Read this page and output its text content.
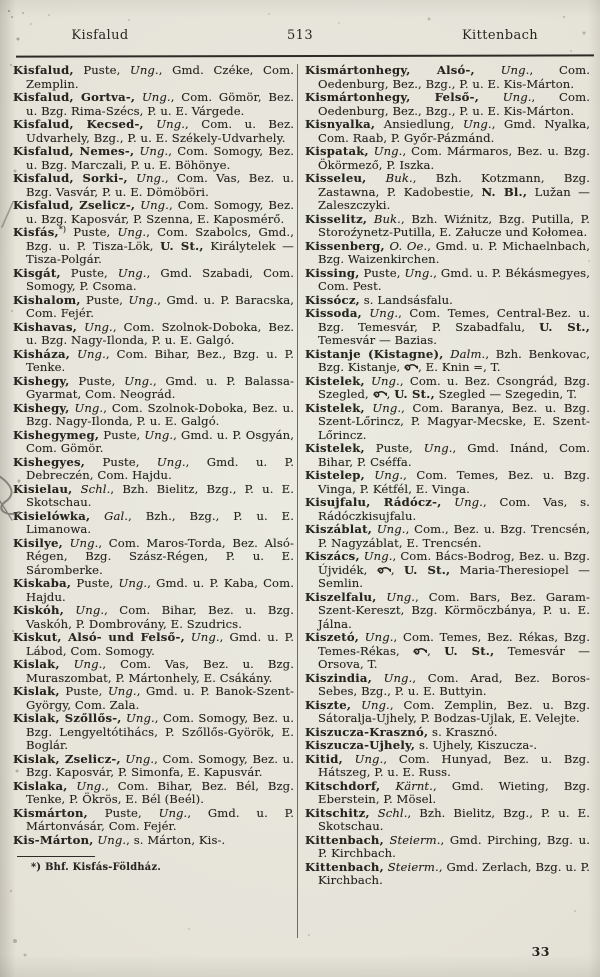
Kisfalud	513	Kittenbach

Kisfalud, Puste, Ung., Gmd. Czéke, Com. Zemplin.

Kisfalud, Gortva-, Ung., Com. Gömör, Bez. u. Bzg. Rima-Szécs, P. u. E. Várgede.

Kisfalud, Kecsed-, Ung., Com. u. Bez. Udvarhely, Bzg., P. u. E. Székely-Udvarhely.

Kisfalud, Nemes-, Ung., Com. Somogy, Bez. u. Bzg. Marczali, P. u. E. Böhönye.

Kisfalud, Sorki-, Ung., Com. Vas, Bez. u. Bzg. Vasvár, P. u. E. Dömöböri.

Kisfalud, Zselicz-, Ung., Com. Somogy, Bez. u. Bzg. Kaposvár, P. Szenna, E. Kaposmérő.

Kisfás,*) Puste, Ung., Com. Szabolcs, Gmd., Bzg. u. P. Tisza-Lök, U. St., Királytelek — Tisza-Polgár.

Kisgát, Puste, Ung., Gmd. Szabadi, Com. Somogy, P. Csoma.

Kishalom, Puste, Ung., Gmd. u. P. Baracska, Com. Fejér.

Kishavas, Ung., Com. Szolnok-Doboka, Bez. u. Bzg. Nagy-Ilonda, P. u. E. Galgó.

Kisháza, Ung., Com. Bihar, Bez., Bzg. u. P. Tenke.

Kishegy, Puste, Ung., Gmd. u. P. Balassa-Gyarmat, Com. Neográd.

Kishegy, Ung., Com. Szolnok-Doboka, Bez. u. Bzg. Nagy-Ilonda, P. u. E. Galgó.

Kishegymeg, Puste, Ung., Gmd. u. P. Osgyán, Com. Gömör.

Kishegyes, Puste, Ung., Gmd. u. P. Debreczén, Com. Hajdu.

Kisielau, Schl., Bzh. Bielitz, Bzg., P. u. E. Skotschau.

Kisielówka, Gal., Bzh., Bzg., P. u. E. Limanowa.

Kisilye, Ung., Com. Maros-Torda, Bez. Alsó-Régen, Bzg. Szász-Régen, P. u. E. Sáromberke.

Kiskaba, Puste, Ung., Gmd. u. P. Kaba, Com. Hajdu.

Kiskóh, Ung., Com. Bihar, Bez. u. Bzg. Vaskóh, P. Dombrovány, E. Szudrics.

Kiskut, Alsó- und Felső-, Ung., Gmd. u. P. Lábod, Com. Somogy.

Kislak, Ung., Com. Vas, Bez. u. Bzg. Muraszombat, P. Mártonhely, E. Csákány.

Kislak, Puste, Ung., Gmd. u. P. Banok-Szent-György, Com. Zala.

Kislak, Szőllős-, Ung., Com. Somogy, Bez. u. Bzg. Lengyeltótihács, P. Szőllős-Györök, E. Boglár.

Kislak, Zselicz-, Ung., Com. Somogy, Bez. u. Bzg. Kaposvár, P. Simonfa, E. Kapusvár.

Kislaka, Ung., Com. Bihar, Bez. Bél, Bzg. Tenke, P. Ökrös, E. Bél (Beél).

Kismárton, Puste, Ung., Gmd. u. P. Mártonvásár, Com. Fejér.

Kis-Márton, Ung., s. Márton, Kis-.

*) Bhf. Kisfás-Földház.

Kismártonhegy, Alsó-, Ung., Com. Oedenburg, Bez., Bzg., P. u. E. Kis-Márton.

Kismártonhegy, Felső-, Ung., Com. Oedenburg, Bez., Bzg., P. u. E. Kis-Márton.

Kisnyalka, Ansiedlung, Ung., Gmd. Nyalka, Com. Raab, P. Győr-Pázmánd.

Kispatak, Ung., Com. Mármaros, Bez. u. Bzg. Ökörmező, P. Iszka.

Kisseleu, Buk., Bzh. Kotzmann, Bzg. Zastawna, P. Kadobestie, N. Bl., Lužan — Zaleszczyki.

Kisselitz, Buk., Bzh. Wiźnitz, Bzg. Putilla, P. Storoźynetz-Putilla, E. Załucze und Kołomea.

Kissenberg, O. Oe., Gmd. u. P. Michaelnbach, Bzg. Waizenkirchen.

Kissing, Puste, Ung., Gmd. u. P. Békásmegyes, Com. Pest.

Kissócz, s. Landsásfalu.

Kissoda, Ung., Com. Temes, Central-Bez. u. Bzg. Temesvár, P. Szabadfalu, U. St., Temesvár — Bazias.

Kistanje (Kistagne), Dalm., Bzh. Benkovac, Bzg. Kistanje,
, E. Knin =, T.

Kistelek, Ung., Com. u. Bez. Csongrád, Bzg. Szegled,
, U. St., Szegled — Szegedin, T.

Kistelek, Ung., Com. Baranya, Bez. u. Bzg. Szent-Lőrincz, P. Magyar-Mecske, E. Szent-Lőrincz.

Kistelek, Puste, Ung., Gmd. Inánd, Com. Bihar, P. Cséffa.

Kistelep, Ung., Com. Temes, Bez. u. Bzg. Vinga, P. Kétfél, E. Vinga.

Kisujfalu, Rádócz-, Ung., Com. Vas, s. Rádóczkisujfalu.

Kiszáblat, Ung., Com., Bez. u. Bzg. Trencsén, P. Nagyzáblat, E. Trencsén.

Kiszács, Ung., Com. Bács-Bodrog, Bez. u. Bzg. Újvidék,
, U. St., Maria-Theresiopel — Semlin.

Kiszelfalu, Ung., Com. Bars, Bez. Garam-Szent-Kereszt, Bzg. Körmöczbánya, P. u. E. Jálna.

Kiszetó, Ung., Com. Temes, Bez. Rékas, Bzg. Temes-Rékas,
, U. St., Temesvár — Orsova, T.

Kiszindia, Ung., Com. Arad, Bez. Boros-Sebes, Bzg., P. u. E. Buttyin.

Kiszte, Ung., Com. Zemplin, Bez. u. Bzg. Sátoralja-Ujhely, P. Bodzas-Ujlak, E. Velejte.

Kiszucza-Krasznó, s. Krasznó.

Kiszucza-Ujhely, s. Ujhely, Kiszucza-.

Kitid, Ung., Com. Hunyad, Bez. u. Bzg. Hátszeg, P. u. E. Russ.

Kitschdorf, Kärnt., Gmd. Wieting, Bzg. Eberstein, P. Mösel.

Kitschitz, Schl., Bzh. Bielitz, Bzg., P. u. E. Skotschau.

Kittenbach, Steierm., Gmd. Pirching, Bzg. u. P. Kirchbach.

Kittenbach, Steierm., Gmd. Zerlach, Bzg. u. P. Kirchbach.

33
